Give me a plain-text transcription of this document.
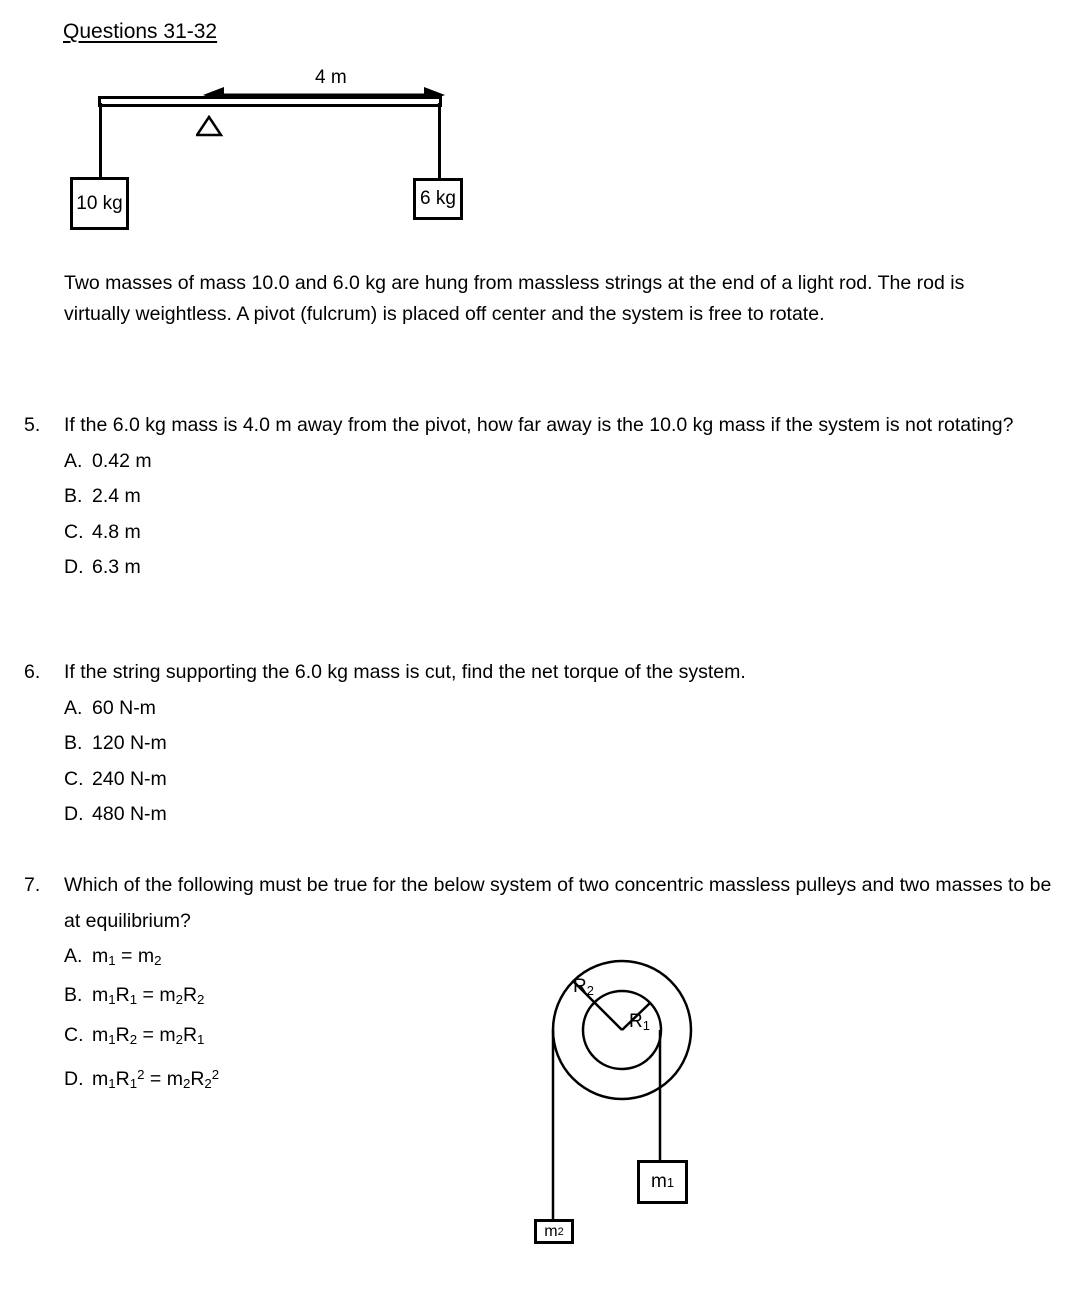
Questions 31-32
4 m
10 kg	6 kg
Two masses of mass 10.0 and 6.0 kg are hung from massless strings at the end of a light rod. The rod is virtually weightless. A pivot (fulcrum) is placed off center and the system is free to rotate.
5.	If the 6.0 kg mass is 4.0 m away from the pivot, how far away is the 10.0 kg mass if the system is not rotating?
A. 0.42 m
B. 2.4 m
C. 4.8 m
D. 6.3 m
6.	If the string supporting the 6.0 kg mass is cut, find the net torque of the system.
A. 60 N-m
B. 120 N-m
C. 240 N-m
D. 480 N-m
7.	Which of the following must be true for the below system of two concentric massless pulleys and two masses to be at equilibrium?
A. $m_1 = m_2$
B. $m_1R_1 = m_2R_2$
C. $m_1R_2 = m_2R_1$
D. $m_1R_1^2 = m_2R_2^2$
$R_2$
$R_1$
m 1
m 2
